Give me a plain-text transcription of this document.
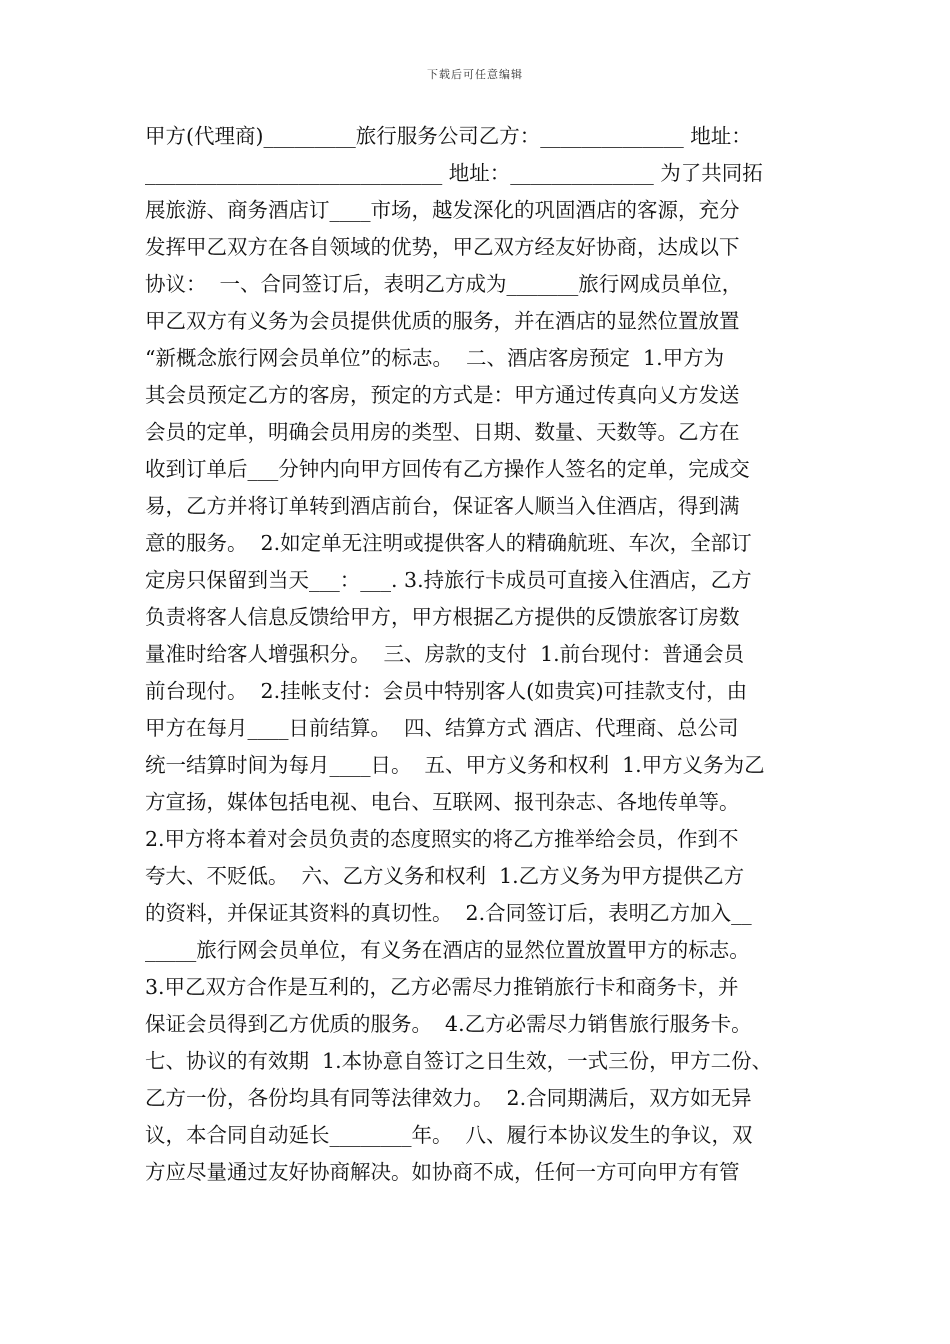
下载后可任意编辑
甲方(代理商)_________旅行服务公司乙方：______________ 地址：
_____________________________ 地址：______________ 为了共同拓
展旅游、商务酒店订____市场，越发深化的巩固酒店的客源，充分
发挥甲乙双方在各自领域的优势，甲乙双方经友好协商，达成以下
协议：  一、合同签订后，表明乙方成为_______旅行网成员单位，
甲乙双方有义务为会员提供优质的服务，并在酒店的显然位置放置
“新概念旅行网会员单位”的标志。  二、酒店客房预定  1.甲方为
其会员预定乙方的客房，预定的方式是：甲方通过传真向乂方发送
会员的定单，明确会员用房的类型、日期、数量、天数等。乙方在
收到订单后___分钟内向甲方回传有乙方操作人签名的定单，完成交
易，乙方并将订单转到酒店前台，保证客人顺当入住酒店，得到满
意的服务。  2.如定单无注明或提供客人的精确航班、车次，全部订
定房只保留到当天___：___. 3.持旅行卡成员可直接入住酒店，乙方
负责将客人信息反馈给甲方，甲方根据乙方提供的反馈旅客订房数
量准时给客人增强积分。  三、房款的支付  1.前台现付：普通会员
前台现付。  2.挂帐支付：会员中特别客人(如贵宾)可挂款支付，由
甲方在每月____日前结算。  四、结算方式 酒店、代理商、总公司
统一结算时间为每月____日。  五、甲方义务和权利  1.甲方义务为乙
方宣扬，媒体包括电视、电台、互联网、报刊杂志、各地传单等。
2.甲方将本着对会员负责的态度照实的将乙方推举给会员，作到不
夸大、不贬低。  六、乙方义务和权利  1.乙方义务为甲方提供乙方
的资料，并保证其资料的真切性。  2.合同签订后，表明乙方加入__
_____旅行网会员单位，有义务在酒店的显然位置放置甲方的标志。
3.甲乙双方合作是互利的，乙方必需尽力推销旅行卡和商务卡，并
保证会员得到乙方优质的服务。  4.乙方必需尽力销售旅行服务卡。
七、协议的有效期  1.本协意自签订之日生效，一式三份，甲方二份、
乙方一份，各份均具有同等法律效力。  2.合同期满后，双方如无异
议，本合同自动延长________年。  八、履行本协议发生的争议，双
方应尽量通过友好协商解决。如协商不成，任何一方可向甲方有管
